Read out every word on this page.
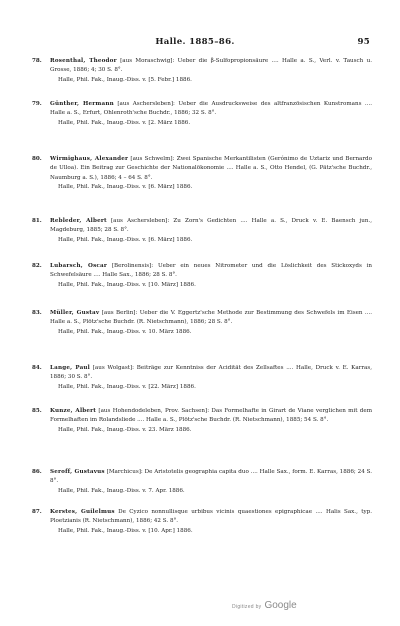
Halle. 1885–86.	95
78.	Rosenthal, Theodor [aus Moraschwig]: Ueber die β-Sulfopropionsäure .... Halle a. S., Verl. v. Tausch u. Grosse, 1886; 4; 30 S. 8°.
Halle, Phil. Fak., Inaug.-Diss. v. [5. Febr.] 1886.
79.	Günther, Hermann [aus Aschersleben]: Ueber die Ausdrucksweise des altfranzösischen Kunstromans .... Halle a. S., Erfurt, Ohlenroth'sche Buchdr., 1886; 32 S. 8°.
Halle, Phil. Fak., Inaug.-Diss. v. [2. März 1886.
80.	Wirmighaus, Alexander [aus Schwelm]: Zwei Spanische Merkantilisten (Gerónimo de Uztariz und Bernardo de Ulloa). Ein Beitrag zur Geschichte der Nationalökonomie .... Halle a. S., Otto Hendel, (G. Pätz'sche Buchdr., Naumburg a. S.), 1886; 4 – 64 S. 8°.
Halle, Phil. Fak., Inaug.-Diss. v. [6. März] 1886.
81.	Rebleder, Albert [aus Aschersleben]: Zu Zorn's Gedichten .... Halle a. S., Druck v. E. Baensch jun., Magdeburg, 1885; 28 S. 8°.
Halle, Phil. Fak., Inaug.-Diss. v. [6. März] 1886.
82.	Lubarsch, Oscar [Berolinensis]: Ueber ein neues Nitrometer und die Löslichkeit des Stickoxyds in Schwefelsäure .... Halle Sax., 1886; 28 S. 8°.
Halle, Phil. Fak., Inaug.-Diss. v. [10. März] 1886.
83.	Müller, Gustav [aus Berlin]: Ueber die V. Eggertz'sche Methode zur Bestimmung des Schwefels im Eisen .... Halle a. S., Plötz'sche Buchdr. (R. Nietschmann), 1886; 28 S. 8°.
Halle, Phil. Fak., Inaug.-Diss. v. 10. März 1886.
84.	Lange, Paul [aus Wolgast]: Beiträge zur Kenntniss der Acidität des Zellsaftes .... Halle, Druck v. E. Karras, 1886; 30 S. 8°.
Halle, Phil. Fak., Inaug.-Diss. v. [22. März] 1886.
85.	Kunze, Albert [aus Hohendodeleben, Prov. Sachsen]: Das Formelhafte in Girart de Viane verglichen mit dem Formelhaften im Rolandsliede .... Halle a. S., Plötz'sche Buchdr. (R. Nietschmann), 1885; 54 S. 8°.
Halle, Phil. Fak., Inaug.-Diss. v. 23. März 1886.
86.	Seroff, Gustavus [Marchicus]: De Aristotelis geographia capita duo .... Halle Sax., form. E. Karras, 1886; 24 S. 8°.
Halle, Phil. Fak., Inaug.-Diss. v. 7. Apr. 1886.
87.	Kerstes, Guilelmus De Cyzico nonnullisque urbibus vicinis quaestiones epigraphicae .... Halis Sax., typ. Ploetzianis (R. Nietschmann), 1886; 42 S. 8°.
Halle, Phil. Fak., Inaug.-Diss. v. [10. Apr.] 1886.
Digitized by Google
